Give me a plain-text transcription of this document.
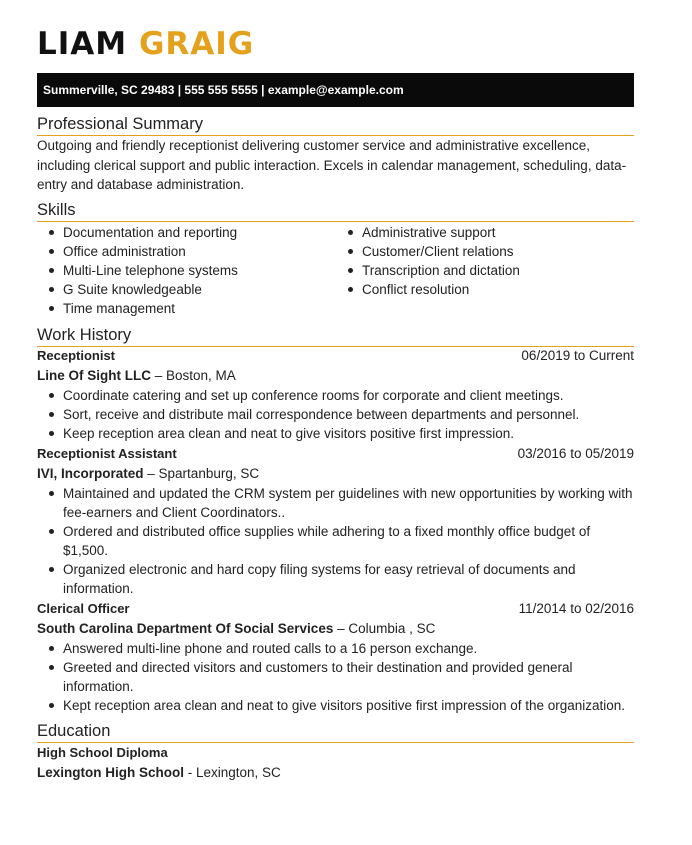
LIAM GRAIG
Summerville, SC 29483 | 555 555 5555 | example@example.com
Professional Summary

Outgoing and friendly receptionist delivering customer service and administrative excellence, including clerical support and public interaction. Excels in calendar management, scheduling, data-entry and database administration.

Skills
Documentation and reporting
Office administration
Multi-Line telephone systems
G Suite knowledgeable
Time management
Administrative support
Customer/Client relations
Transcription and dictation
Conflict resolution
Work History
Receptionist	06/2019 to Current
Line Of Sight LLC – Boston, MA
Coordinate catering and set up conference rooms for corporate and client meetings.
Sort, receive and distribute mail correspondence between departments and personnel.
Keep reception area clean and neat to give visitors positive first impression.
Receptionist Assistant	03/2016 to 05/2019
IVI, Incorporated – Spartanburg, SC
Maintained and updated the CRM system per guidelines with new opportunities by working with fee-earners and Client Coordinators..
Ordered and distributed office supplies while adhering to a fixed monthly office budget of $1,500.
Organized electronic and hard copy filing systems for easy retrieval of documents and information.
Clerical Officer	11/2014 to 02/2016
South Carolina Department Of Social Services – Columbia , SC
Answered multi-line phone and routed calls to a 16 person exchange.
Greeted and directed visitors and customers to their destination and provided general information.
Kept reception area clean and neat to give visitors positive first impression of the organization.
Education
High School Diploma
Lexington High School - Lexington, SC
